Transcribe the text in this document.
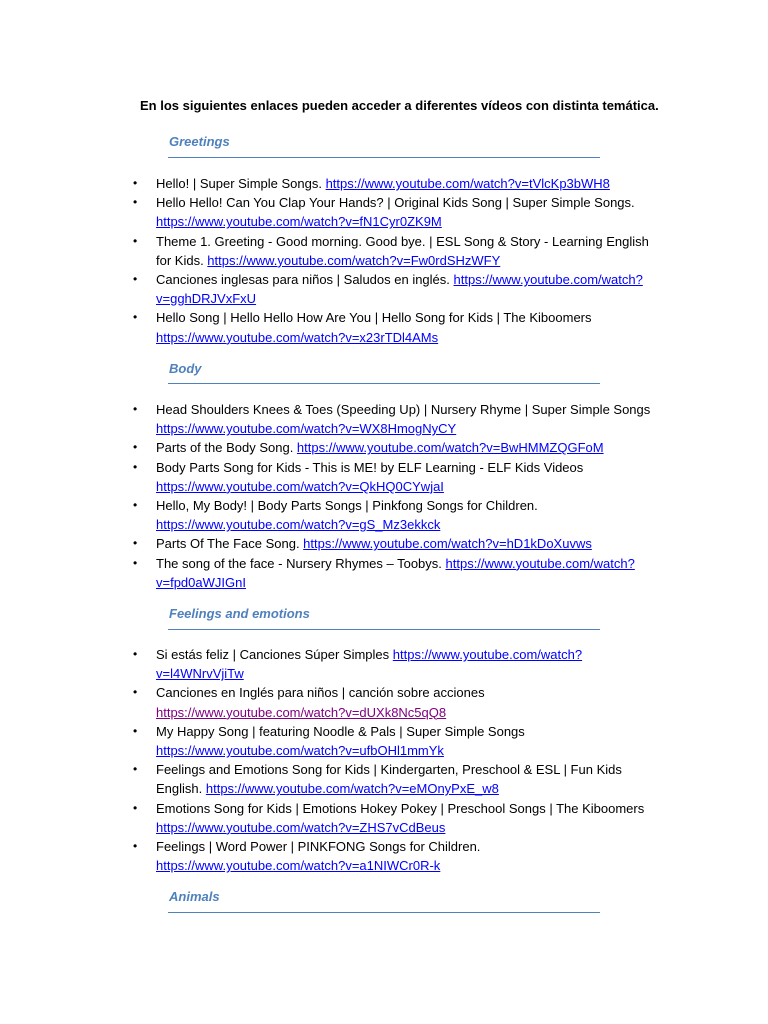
En los siguientes enlaces pueden acceder a diferentes vídeos con distinta temática.
Greetings
• Hello! | Super Simple Songs. https://www.youtube.com/watch?v=tVlcKp3bWH8
• Hello Hello! Can You Clap Your Hands? | Original Kids Song | Super Simple Songs. https://www.youtube.com/watch?v=fN1Cyr0ZK9M
• Theme 1. Greeting - Good morning. Good bye. | ESL Song & Story - Learning English for Kids. https://www.youtube.com/watch?v=Fw0rdSHzWFY
• Canciones inglesas para niños | Saludos en inglés. https://www.youtube.com/watch?v=gghDRJVxFxU
• Hello Song | Hello Hello How Are You | Hello Song for Kids | The Kiboomers https://www.youtube.com/watch?v=x23rTDl4AMs
Body
• Head Shoulders Knees & Toes (Speeding Up) | Nursery Rhyme | Super Simple Songs https://www.youtube.com/watch?v=WX8HmogNyCY
• Parts of the Body Song. https://www.youtube.com/watch?v=BwHMMZQGFoM
• Body Parts Song for Kids - This is ME! by ELF Learning - ELF Kids Videos https://www.youtube.com/watch?v=QkHQ0CYwjaI
• Hello, My Body! | Body Parts Songs | Pinkfong Songs for Children. https://www.youtube.com/watch?v=gS_Mz3ekkck
• Parts Of The Face Song. https://www.youtube.com/watch?v=hD1kDoXuvws
• The song of the face - Nursery Rhymes – Toobys. https://www.youtube.com/watch?v=fpd0aWJIGnI
Feelings and emotions
• Si estás feliz | Canciones Súper Simples https://www.youtube.com/watch?v=l4WNrvVjiTw
• Canciones en Inglés para niños | canción sobre acciones https://www.youtube.com/watch?v=dUXk8Nc5qQ8
• My Happy Song | featuring Noodle & Pals | Super Simple Songs https://www.youtube.com/watch?v=ufbOHl1mmYk
• Feelings and Emotions Song for Kids | Kindergarten, Preschool & ESL | Fun Kids English. https://www.youtube.com/watch?v=eMOnyPxE_w8
• Emotions Song for Kids | Emotions Hokey Pokey | Preschool Songs | The Kiboomers https://www.youtube.com/watch?v=ZHS7vCdBeus
• Feelings | Word Power | PINKFONG Songs for Children. https://www.youtube.com/watch?v=a1NIWCr0R-k
Animals
